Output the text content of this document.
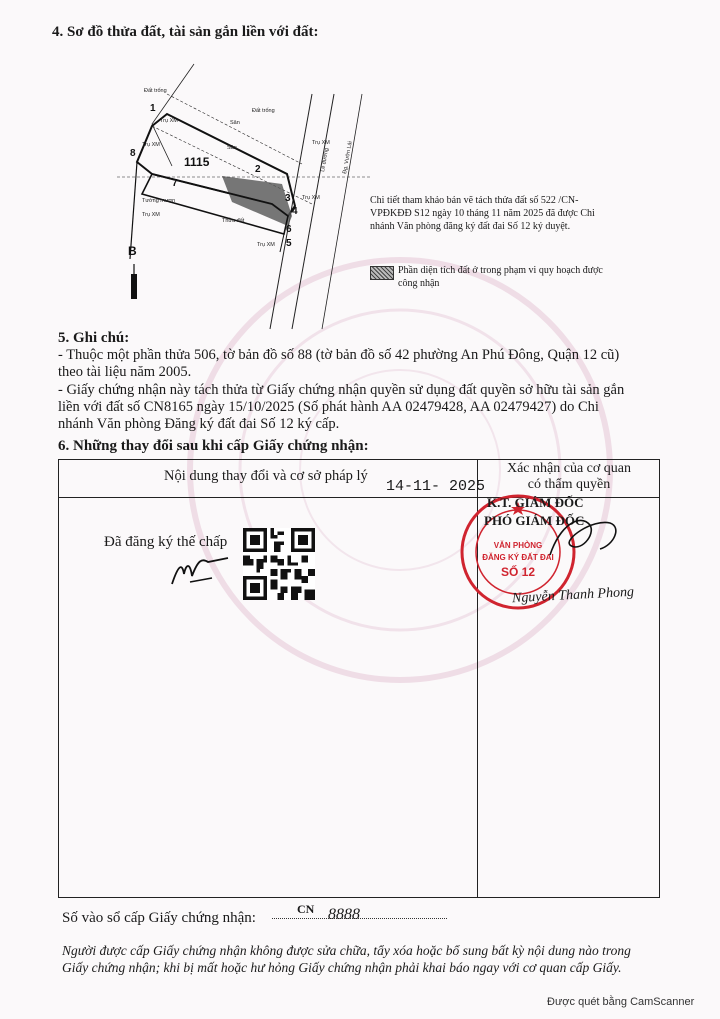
4. Sơ đồ thửa đất, tài sản gắn liền với đất:
1
2
3
4
5
6
7
8
1115
B
Đất trống
Đất trống
Trụ XM
Trụ XM	Trụ XM
Trụ XM
Trụ XM
Trụ XM
Sân
Sân
Thửa đất
Tường mượn
Đg. Vườn Lài
Lề đường
Chi tiết tham khảo bản vẽ tách thửa đất số 522 /CN-VPĐKĐĐ S12 ngày 10 tháng 11 năm 2025 đã được Chi nhánh Văn phòng đăng ký đất đai Số 12 ký duyệt.
Phần diện tích đất ở trong phạm vi quy hoạch được công nhận
5. Ghi chú:
- Thuộc một phần thửa 506, tờ bản đồ số 88 (tờ bản đồ số 42 phường An Phú Đông, Quận 12 cũ)
theo tài liệu năm 2005.
- Giấy chứng nhận này tách thửa từ Giấy chứng nhận quyền sử dụng đất quyền sở hữu tài sản gắn
liền với đất số CN8165 ngày 15/10/2025 (Số phát hành AA 02479428, AA 02479427) do Chi
nhánh Văn phòng Đăng ký đất đai Số 12 ký cấp.
6. Những thay đổi sau khi cấp Giấy chứng nhận:
Nội dung thay đổi và cơ sở pháp lý
14-11- 2025
Xác nhận của cơ quan
có thẩm quyền
Đã đăng ký thế chấp	VĂN PHÒNG
ĐĂNG KÝ ĐẤT ĐAI
SỐ 12
K.T. GIÁM ĐỐC
PHÓ GIÁM ĐỐC
Nguyễn Thanh Phong
Số vào sổ cấp Giấy chứng nhận:
CN 8888
Người được cấp Giấy chứng nhận không được sửa chữa, tẩy xóa hoặc bổ sung bất kỳ nội dung nào trong
Giấy chứng nhận; khi bị mất hoặc hư hỏng Giấy chứng nhận phải khai báo ngay với cơ quan cấp Giấy.
Được quét bằng CamScanner
